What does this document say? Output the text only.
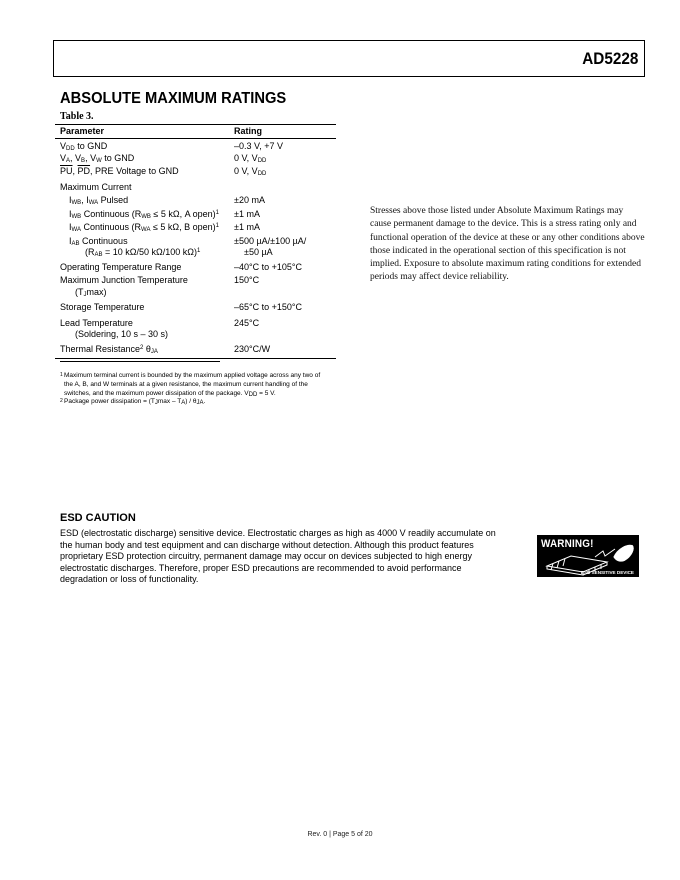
AD5228
ABSOLUTE MAXIMUM RATINGS
Table 3.
Parameter	Rating
$V_{DD}$ to GND	–0.3 V, +7 V
$V_A$, $V_B$, $V_W$ to GND	0 V, $V_{DD}$
$\overline{PU}$, $\overline{PD}$, PRE Voltage to GND	0 V, $V_{DD}$
Maximum Current
$I_{WB}$, $I_{WA}$ Pulsed	±20 mA
$I_{WB}$ Continuous ($R_{WB} \le 5$ kΩ, A open)$^1$	±1 mA
$I_{WA}$ Continuous ($R_{WA} \le 5$ kΩ, B open)$^1$	±1 mA
$I_{AB}$ Continuous	±500 µA/±100 µA/
($R_{AB} = 10$ kΩ/50 kΩ/100 kΩ)$^1$	±50 µA
Operating Temperature Range	–40°C to +105°C
Maximum Junction Temperature	150°C
$(T_J\max)$
Storage Temperature	–65°C to +150°C
Lead Temperature	245°C
(Soldering, 10 s – 30 s)
Thermal Resistance$^2$ $\theta_{JA}$	230°C/W
1 Maximum terminal current is bounded by the maximum applied voltage across any two of the A, B, and W terminals at a given resistance, the maximum current handling of the switches, and the maximum power dissipation of the package. $V_{DD} = 5$ V.
2 Package power dissipation = $(T_J\max - T_A) / \theta_{JA}$.
Stresses above those listed under Absolute Maximum Ratings may cause permanent damage to the device. This is a stress rating only and functional operation of the device at these or any other conditions above those indicated in the operational section of this specification is not implied. Exposure to absolute maximum rating conditions for extended periods may affect device reliability.
ESD CAUTION
ESD (electrostatic discharge) sensitive device. Electrostatic charges as high as 4000 V readily accumulate on the human body and test equipment and can discharge without detection. Although this product features proprietary ESD protection circuitry, permanent damage may occur on devices subjected to high energy electrostatic discharges. Therefore, proper ESD precautions are recommended to avoid performance degradation or loss of functionality.
WARNING!
ESD SENSITIVE DEVICE
Rev. 0 | Page 5 of 20
